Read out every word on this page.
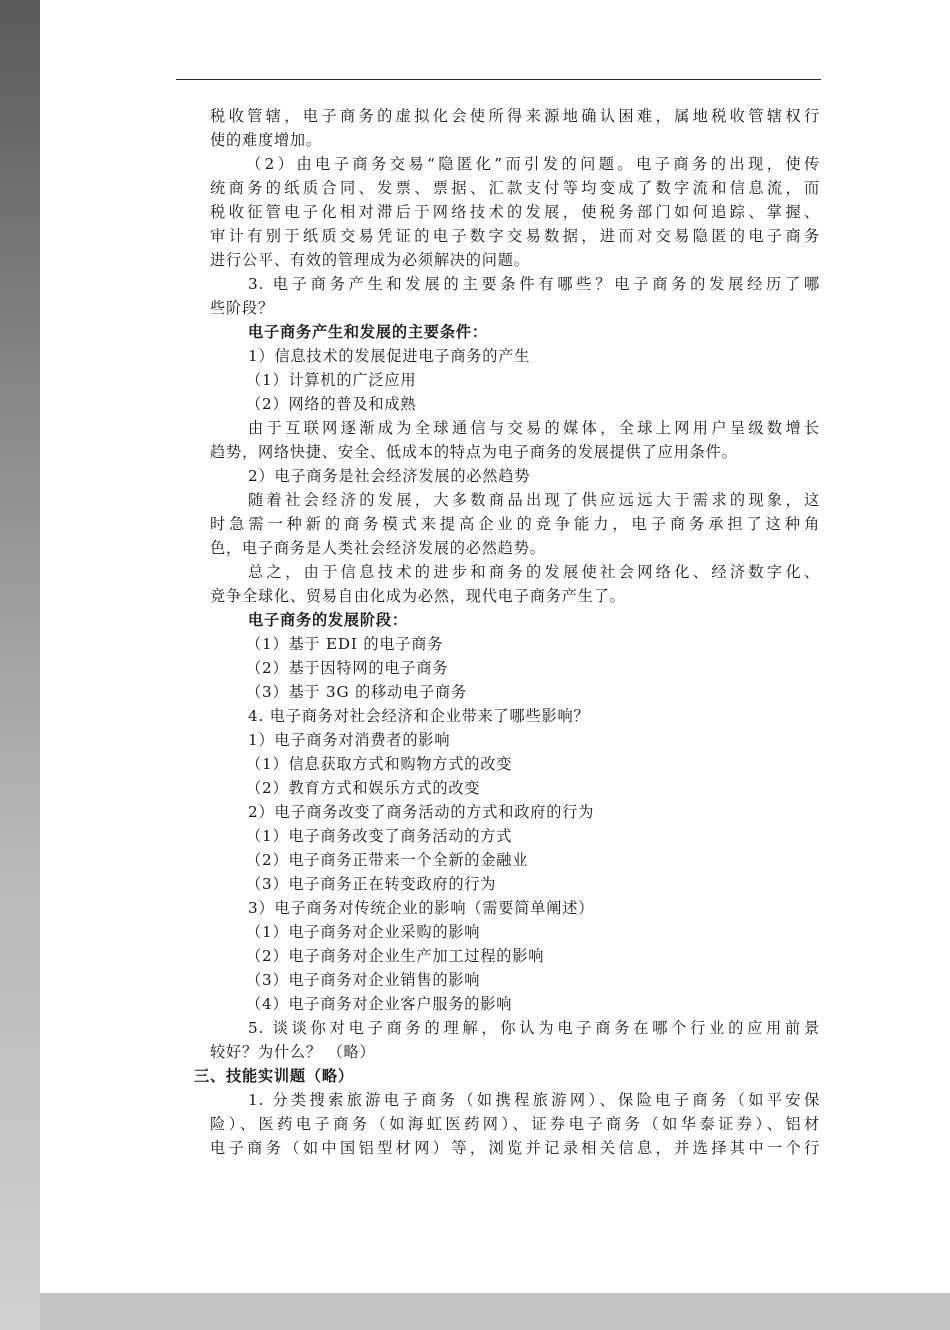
税收管辖，电子商务的虚拟化会使所得来源地确认困难，属地税收管辖权行
使的难度增加。
（2）由电子商务交易“隐匿化”而引发的问题。电子商务的出现，使传
统商务的纸质合同、发票、票据、汇款支付等均变成了数字流和信息流，而
税收征管电子化相对滞后于网络技术的发展，使税务部门如何追踪、掌握、
审计有别于纸质交易凭证的电子数字交易数据，进而对交易隐匿的电子商务
进行公平、有效的管理成为必须解决的问题。
3. 电子商务产生和发展的主要条件有哪些？电子商务的发展经历了哪
些阶段？
电子商务产生和发展的主要条件：
1）信息技术的发展促进电子商务的产生
（1）计算机的广泛应用
（2）网络的普及和成熟
由于互联网逐渐成为全球通信与交易的媒体，全球上网用户呈级数增长
趋势，网络快捷、安全、低成本的特点为电子商务的发展提供了应用条件。
2）电子商务是社会经济发展的必然趋势
随着社会经济的发展，大多数商品出现了供应远远大于需求的现象，这
时急需一种新的商务模式来提高企业的竞争能力，电子商务承担了这种角
色，电子商务是人类社会经济发展的必然趋势。
总之，由于信息技术的进步和商务的发展使社会网络化、经济数字化、
竞争全球化、贸易自由化成为必然，现代电子商务产生了。
电子商务的发展阶段：
（1）基于 EDI 的电子商务
（2）基于因特网的电子商务
（3）基于 3G 的移动电子商务
4. 电子商务对社会经济和企业带来了哪些影响？
1）电子商务对消费者的影响
（1）信息获取方式和购物方式的改变
（2）教育方式和娱乐方式的改变
2）电子商务改变了商务活动的方式和政府的行为
（1）电子商务改变了商务活动的方式
（2）电子商务正带来一个全新的金融业
（3）电子商务正在转变政府的行为
3）电子商务对传统企业的影响（需要简单阐述）
（1）电子商务对企业采购的影响
（2）电子商务对企业生产加工过程的影响
（3）电子商务对企业销售的影响
（4）电子商务对企业客户服务的影响
5. 谈谈你对电子商务的理解，你认为电子商务在哪个行业的应用前景
较好？为什么？ （略）
三、技能实训题（略）
1. 分类搜索旅游电子商务（如携程旅游网）、保险电子商务（如平安保
险）、医药电子商务（如海虹医药网）、证券电子商务（如华泰证券）、铝材
电子商务（如中国铝型材网）等，浏览并记录相关信息，并选择其中一个行
